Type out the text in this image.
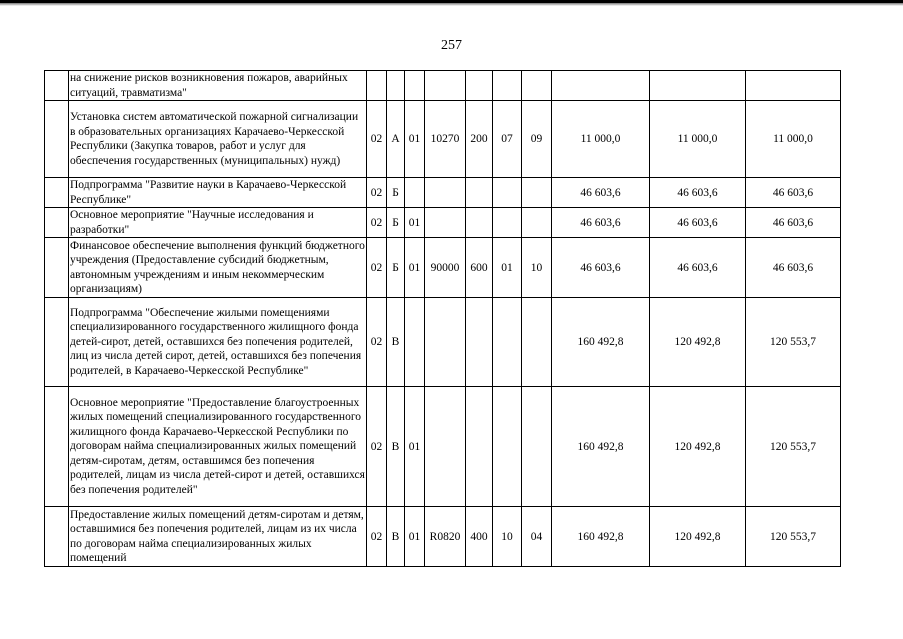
257
	на снижение рисков возникновения пожаров, аварийных ситуаций, травматизма"										
	Установка систем автоматической пожарной сигнализации в образовательных организациях Карачаево-Черкесской Республики (Закупка товаров, работ и услуг для обеспечения государственных (муниципальных) нужд)	02	А	01	10270	200	07	09	11 000,0	11 000,0	11 000,0
	Подпрограмма "Развитие науки в Карачаево-Черкесской Республике"	02	Б						46 603,6	46 603,6	46 603,6
	Основное мероприятие "Научные исследования и разработки"	02	Б	01					46 603,6	46 603,6	46 603,6
	Финансовое обеспечение выполнения функций бюджетного учреждения (Предоставление субсидий бюджетным, автономным учреждениям и иным некоммерческим организациям)	02	Б	01	90000	600	01	10	46 603,6	46 603,6	46 603,6
	Подпрограмма "Обеспечение жилыми помещениями специализированного государственного жилищного фонда детей-сирот, детей, оставшихся без попечения родителей, лиц из числа детей сирот, детей, оставшихся без попечения родителей, в Карачаево-Черкесской Республике"	02	В						160 492,8	120 492,8	120 553,7
	Основное мероприятие "Предоставление благоустроенных жилых помещений специализированного государственного жилищного фонда Карачаево-Черкесской Республики по договорам найма специализированных жилых помещений детям-сиротам, детям, оставшимся без попечения родителей, лицам из числа детей-сирот и детей, оставшихся без попечения родителей"	02	В	01					160 492,8	120 492,8	120 553,7
	Предоставление жилых помещений детям-сиротам и детям, оставшимися без попечения родителей, лицам из их числа по договорам найма специализированных жилых помещений	02	В	01	R0820	400	10	04	160 492,8	120 492,8	120 553,7
